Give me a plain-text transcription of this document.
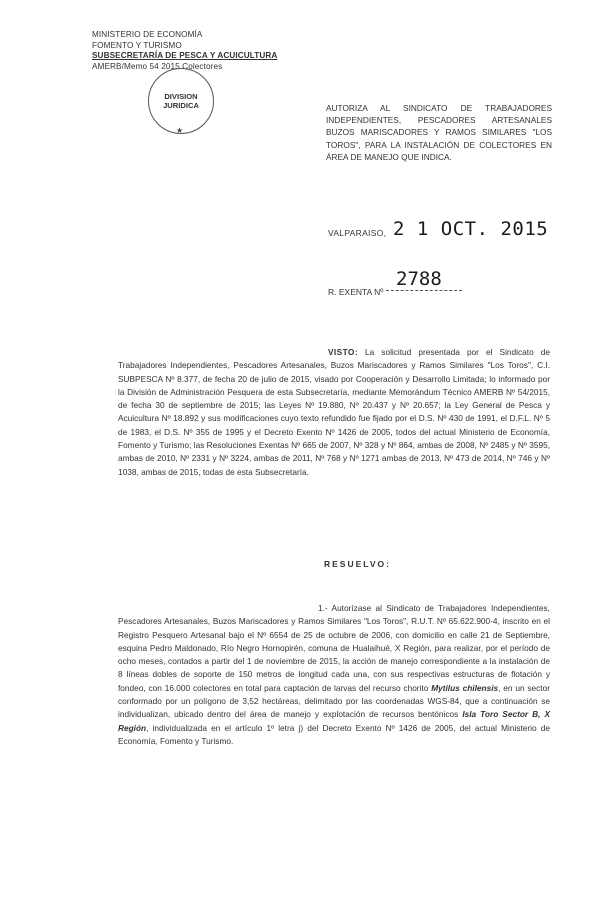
MINISTERIO DE ECONOMÍA
FOMENTO Y TURISMO
SUBSECRETARÍA DE PESCA Y ACUICULTURA
AMERB/Memo 54 2015 Colectores
DIVISION
JURIDICA
★
AUTORIZA AL SINDICATO DE TRABAJADORES INDEPENDIENTES, PESCADORES ARTESANALES BUZOS MARISCADORES Y RAMOS SIMILARES "LOS TOROS", PARA LA INSTALACIÓN DE COLECTORES EN ÁREA DE MANEJO QUE INDICA.
VALPARAISO, 2 1 OCT. 2015
R. EXENTA Nº
2788
VISTO: La solicitud presentada por el Sindicato de Trabajadores Independientes, Pescadores Artesanales, Buzos Mariscadores y Ramos Similares "Los Toros", C.I. SUBPESCA Nº 8.377, de fecha 20 de julio de 2015, visado por Cooperación y Desarrollo Limitada; lo informado por la División de Administración Pesquera de esta Subsecretaría, mediante Memorándum Técnico AMERB Nº 54/2015, de fecha 30 de septiembre de 2015; las Leyes Nº 19.880, Nº 20.437 y Nº 20.657; la Ley General de Pesca y Acuicultura Nº 18.892 y sus modificaciones cuyo texto refundido fue fijado por el D.S. Nº 430 de 1991, el D.F.L. Nº 5 de 1983, el D.S. Nº 355 de 1995 y el Decreto Exento Nº 1426 de 2005, todos del actual Ministerio de Economía, Fomento y Turismo; las Resoluciones Exentas Nº 665 de 2007, Nº 328 y Nº 864, ambas de 2008, Nº 2485 y Nº 3595, ambas de 2010, Nº 2331 y Nº 3224, ambas de 2011, Nº 768 y Nº 1271 ambas de 2013, Nº 473 de 2014, Nº 746 y Nº 1038, ambas de 2015, todas de esta Subsecretaría.
RESUELVO:
1.- Autorízase al Sindicato de Trabajadores Independientes, Pescadores Artesanales, Buzos Mariscadores y Ramos Similares "Los Toros", R.U.T. Nº 65.622.900-4, inscrito en el Registro Pesquero Artesanal bajo el Nº 6554 de 25 de octubre de 2006, con domicilio en calle 21 de Septiembre, esquina Pedro Maldonado, Río Negro Hornopirén, comuna de Hualaihué, X Región, para realizar, por el período de ocho meses, contados a partir del 1 de noviembre de 2015, la acción de manejo correspondiente a la instalación de 8 líneas dobles de soporte de 150 metros de longitud cada una, con sus respectivas estructuras de flotación y fondeo, con 16.000 colectores en total para captación de larvas del recurso chorito Mytilus chilensis, en un sector conformado por un polígono de 3,52 hectáreas, delimitado por las coordenadas WGS-84, que a continuación se individualizan, ubicado dentro del área de manejo y explotación de recursos bentónicos Isla Toro Sector B, X Región, individualizada en el artículo 1º letra j) del Decreto Exento Nº 1426 de 2005, del actual Ministerio de Economía, Fomento y Turismo.
